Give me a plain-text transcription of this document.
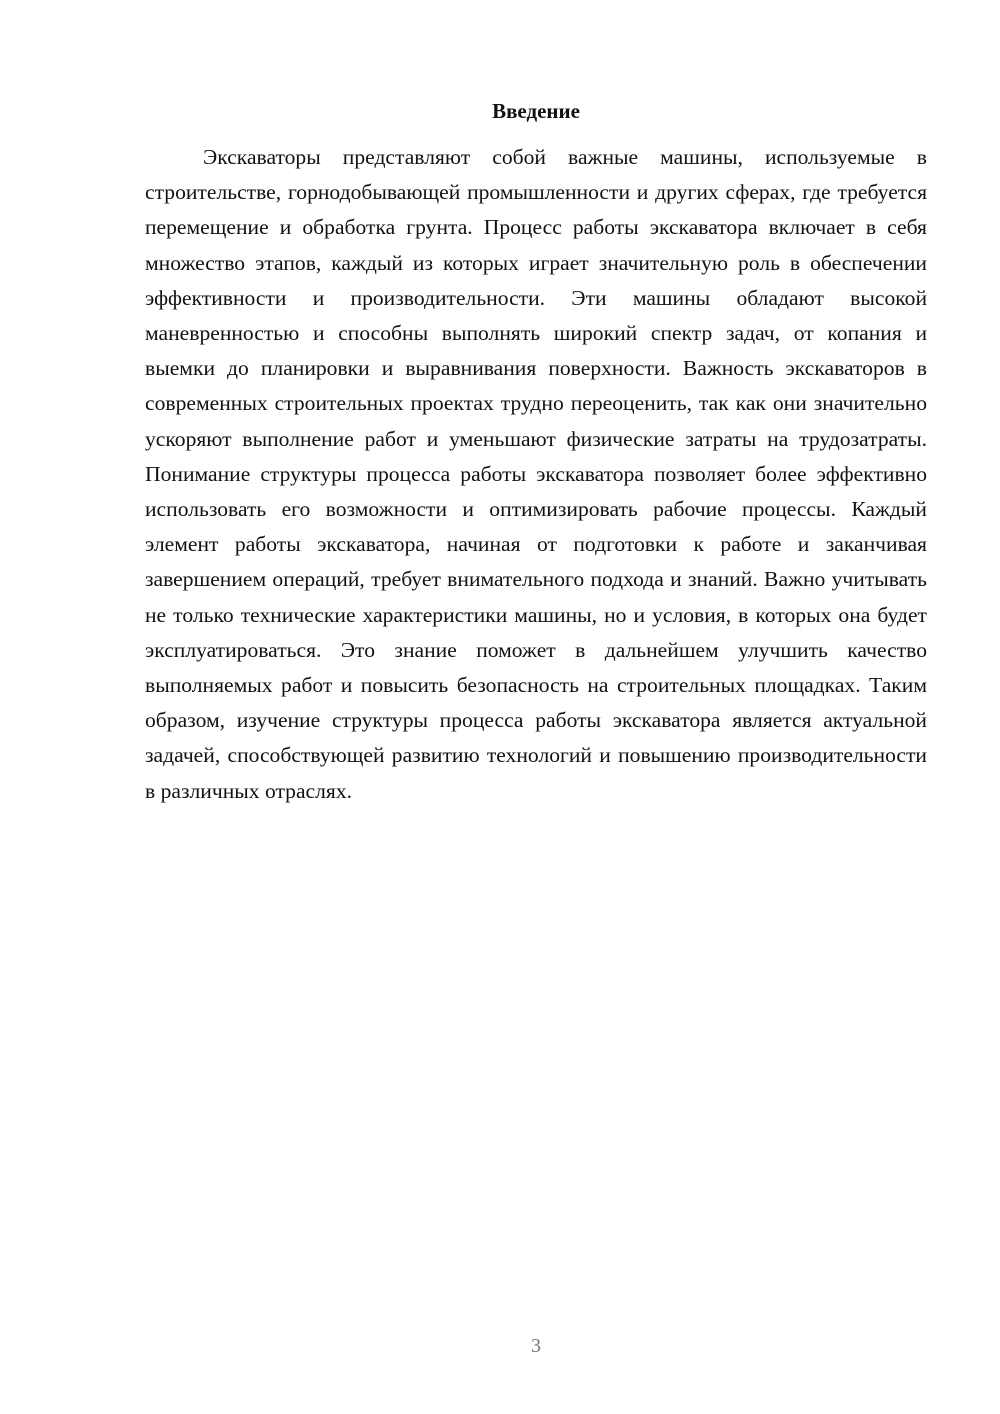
Введение

Экскаваторы представляют собой важные машины, используемые в строительстве, горнодобывающей промышленности и других сферах, где требуется перемещение и обработка грунта. Процесс работы экскаватора включает в себя множество этапов, каждый из которых играет значительную роль в обеспечении эффективности и производительности. Эти машины обладают высокой маневренностью и способны выполнять широкий спектр задач, от копания и выемки до планировки и выравнивания поверхности. Важность экскаваторов в современных строительных проектах трудно переоценить, так как они значительно ускоряют выполнение работ и уменьшают физические затраты на трудозатраты. Понимание структуры процесса работы экскаватора позволяет более эффективно использовать его возможности и оптимизировать рабочие процессы. Каждый элемент работы экскаватора, начиная от подготовки к работе и заканчивая завершением операций, требует внимательного подхода и знаний. Важно учитывать не только технические характеристики машины, но и условия, в которых она будет эксплуатироваться. Это знание поможет в дальнейшем улучшить качество выполняемых работ и повысить безопасность на строительных площадках. Таким образом, изучение структуры процесса работы экскаватора является актуальной задачей, способствующей развитию технологий и повышению производительности в различных отраслях.

3
